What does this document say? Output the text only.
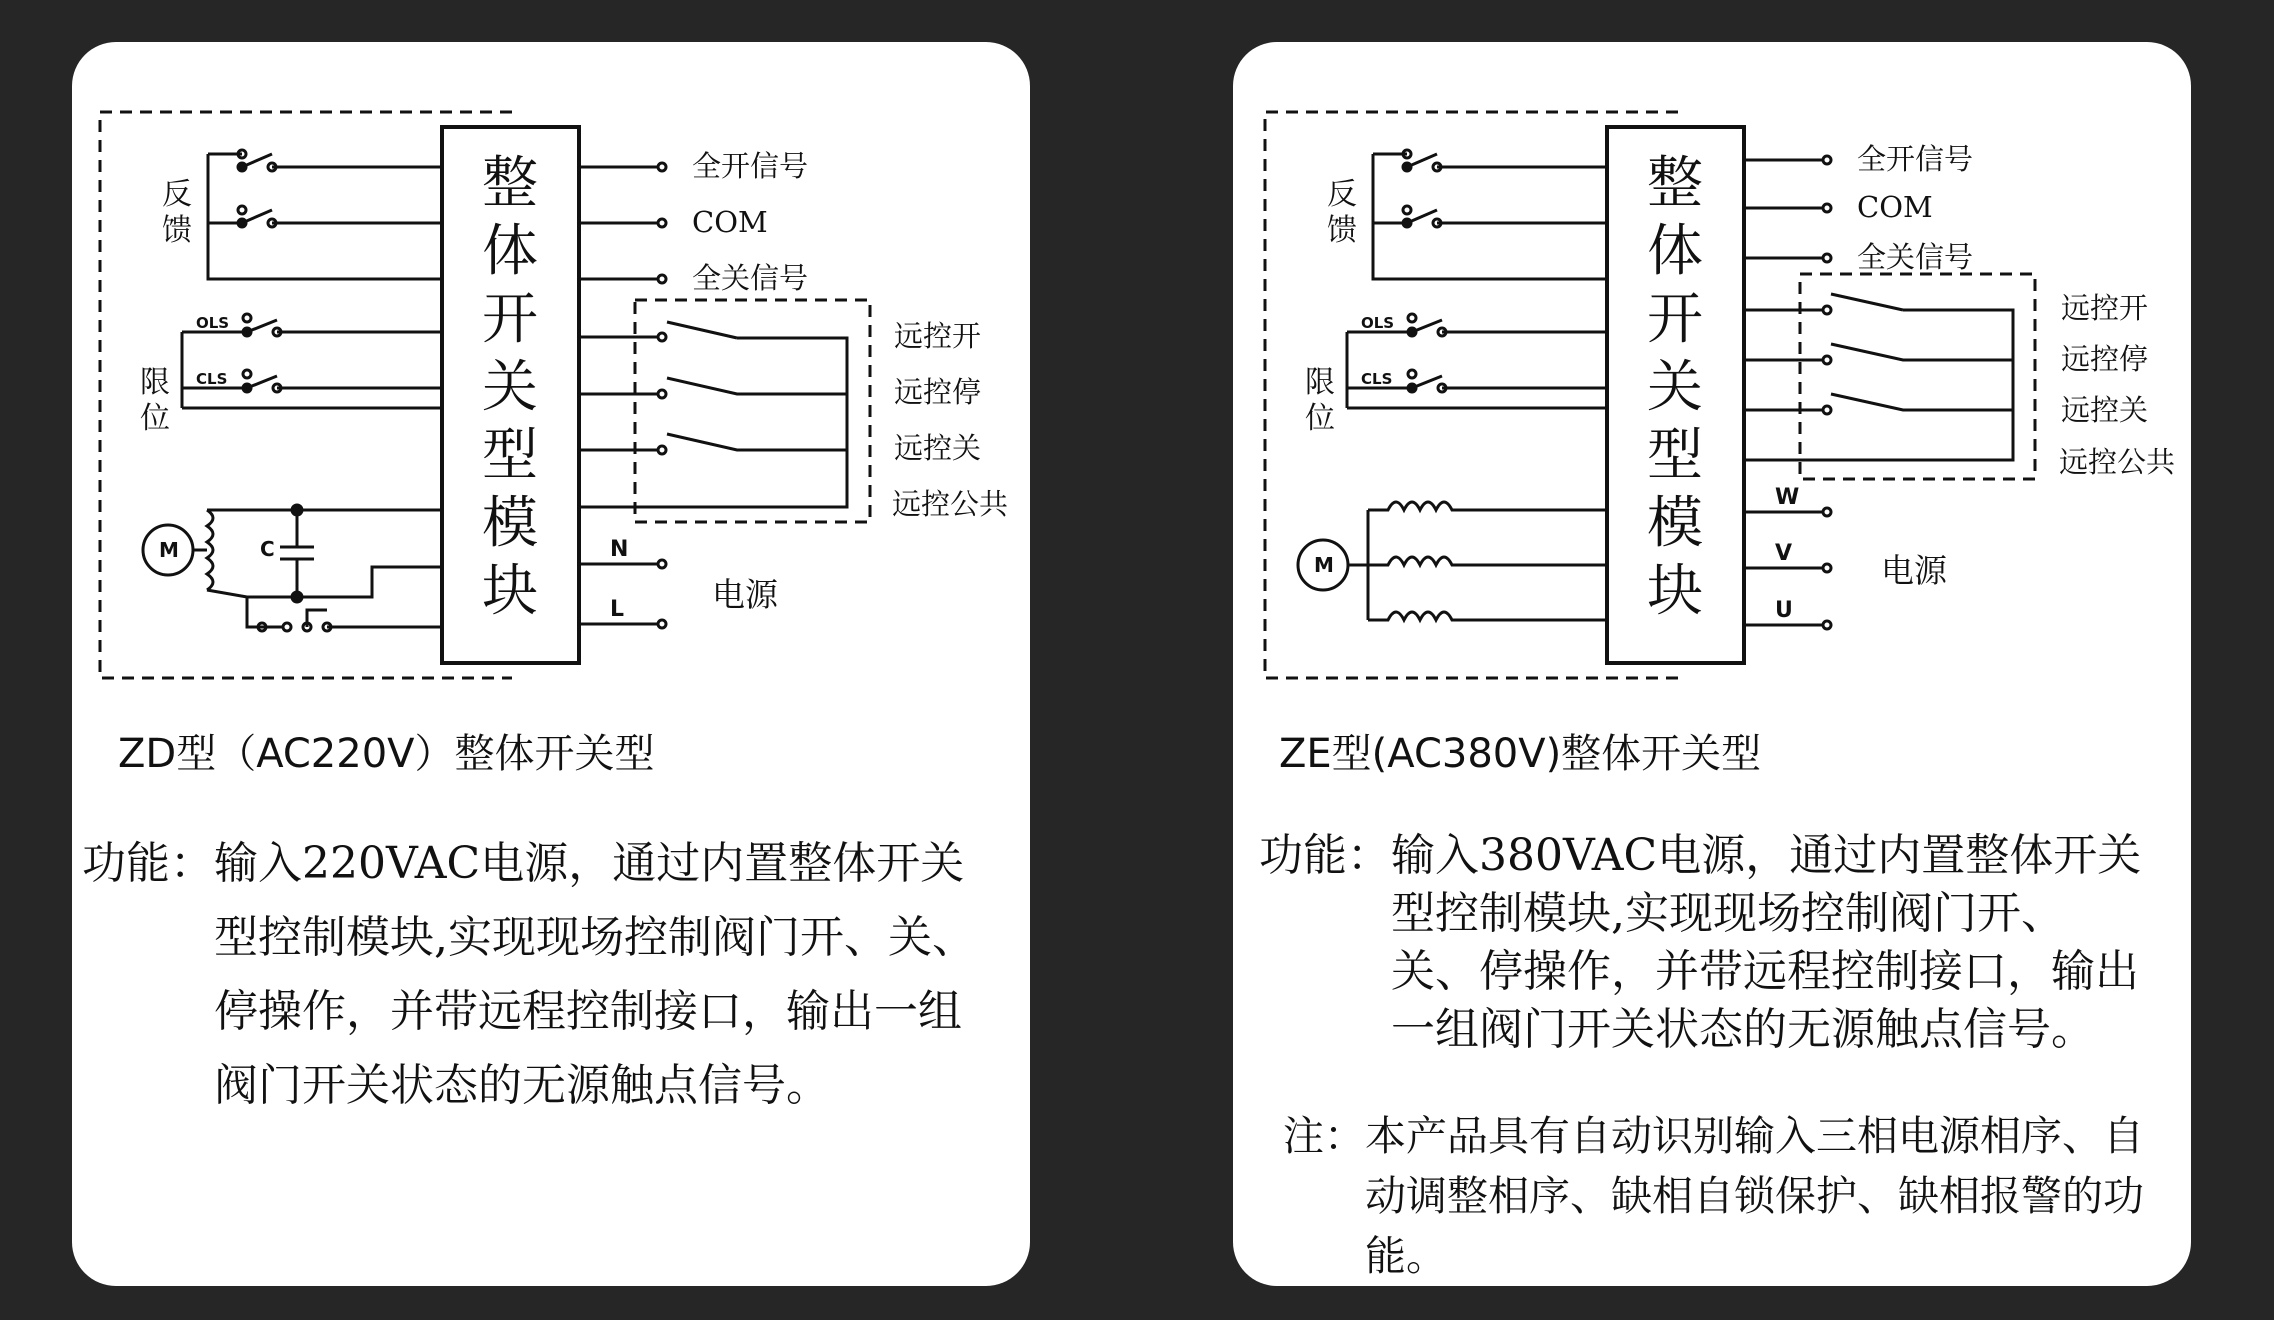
整
体
开
关
型
模
块
反
馈
限
位
OLS
CLS
M	C
全开信号
COM
全关信号
远控开
远控停
远控关
远控公共
电源
N
L
ZD型（AC220V）整体开关型
功能： 输入220VAC电源，通过内置整体开关型控制模块,实现现场控制阀门开、关、停操作，并带远程控制接口，输出一组阀门开关状态的无源触点信号。
整
体
开
关
型
模
块
反
馈
限
位
OLS
CLS
M
全开信号
COM
全关信号
远控开
远控停
远控关
远控公共
电源
W
V
U
ZE型(AC380V)整体开关型
功能： 输入380VAC电源，通过内置整体开关型控制模块,实现现场控制阀门开、关、停操作，并带远程控制接口，输出一组阀门开关状态的无源触点信号。
注： 本产品具有自动识别输入三相电源相序、自动调整相序、缺相自锁保护、缺相报警的功能。
